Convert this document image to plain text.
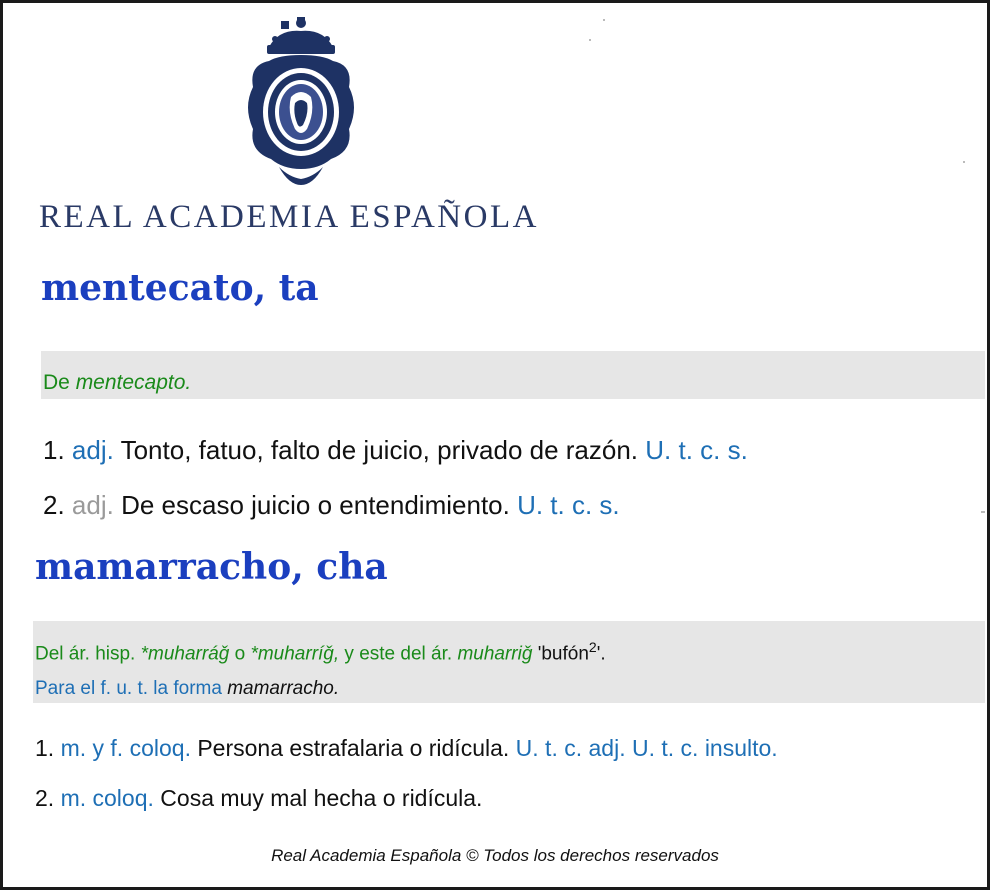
REAL ACADEMIA ESPAÑOLA
mentecato, ta
De mentecapto.
1. adj. Tonto, fatuo, falto de juicio, privado de razón. U. t. c. s.
2. adj. De escaso juicio o entendimiento. U. t. c. s.
mamarracho, cha
Del ár. hisp. *muharráǧ o *muharríǧ, y este del ár. muharriǧ 'bufón$^2$'.
Para el f. u. t. la forma mamarracho.
1. m. y f. coloq. Persona estrafalaria o ridícula. U. t. c. adj. U. t. c. insulto.
2. m. coloq. Cosa muy mal hecha o ridícula.
Real Academia Española © Todos los derechos reservados
